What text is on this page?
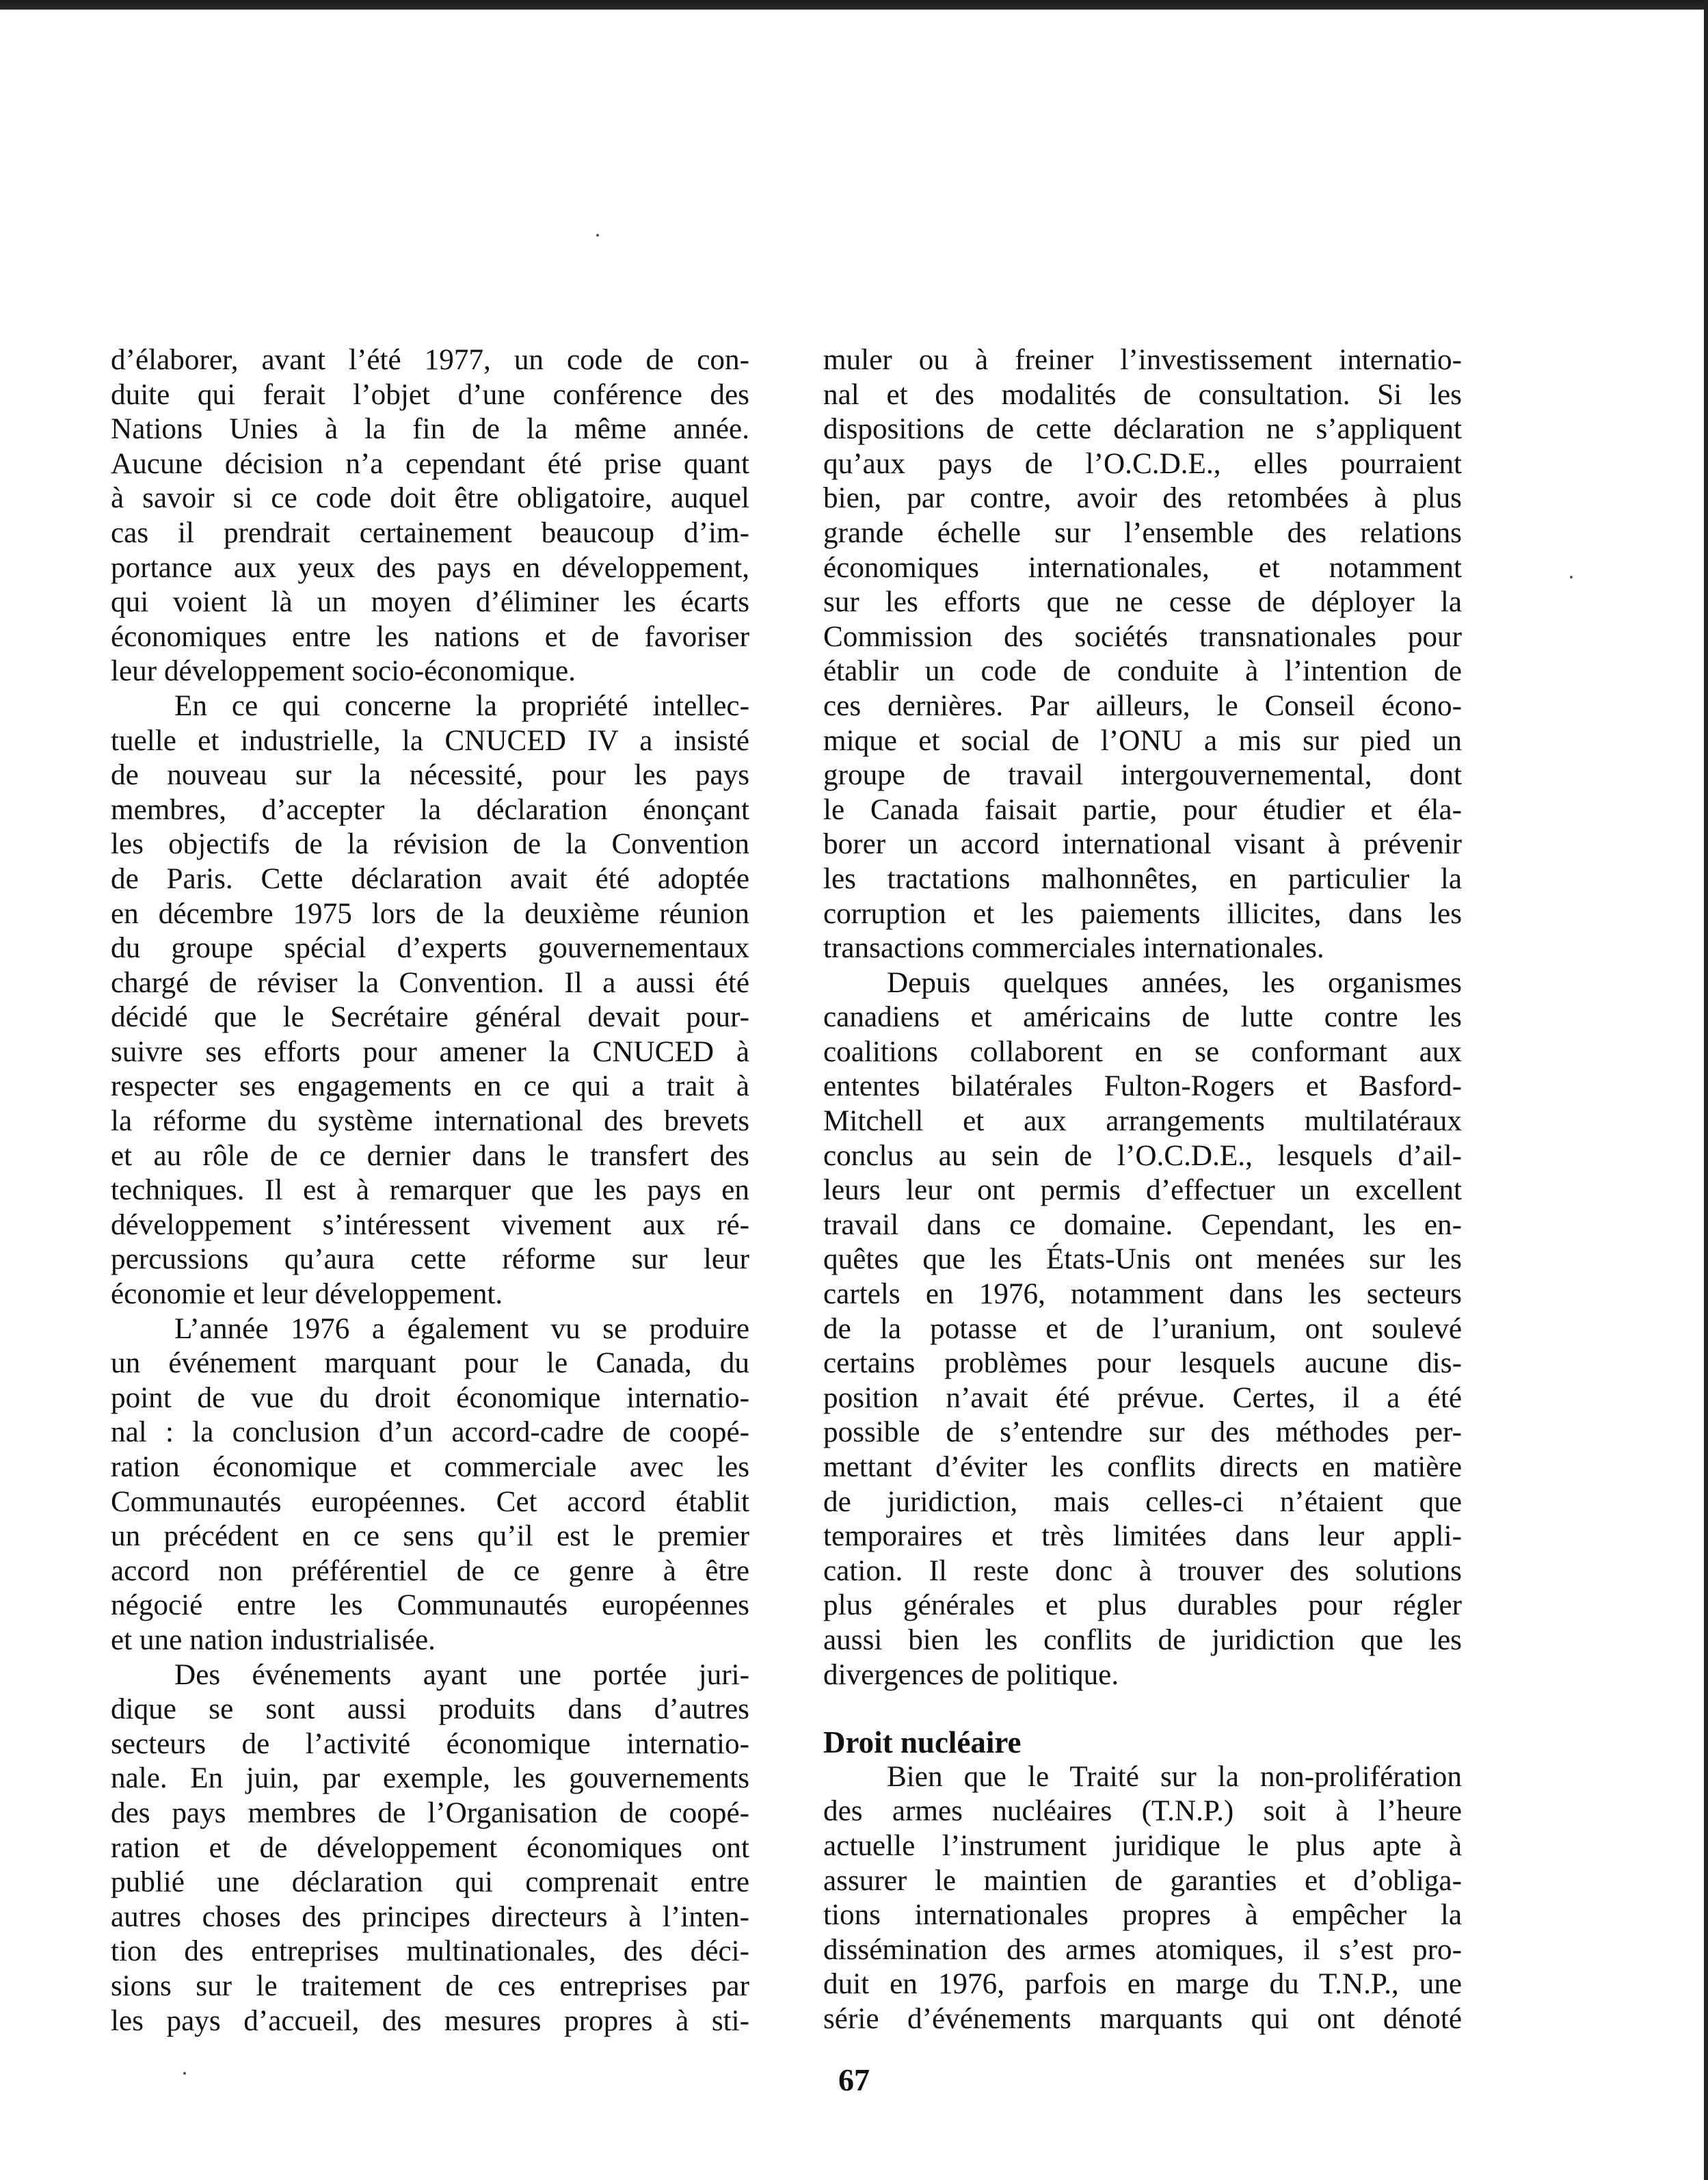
d’élaborer, avant l’été 1977, un code de con-
duite qui ferait l’objet d’une conférence des
Nations Unies à la fin de la même année.
Aucune décision n’a cependant été prise quant
à savoir si ce code doit être obligatoire, auquel
cas il prendrait certainement beaucoup d’im-
portance aux yeux des pays en développement,
qui voient là un moyen d’éliminer les écarts
économiques entre les nations et de favoriser
leur développement socio-économique.
En ce qui concerne la propriété intellec-
tuelle et industrielle, la CNUCED IV a insisté
de nouveau sur la nécessité, pour les pays
membres, d’accepter la déclaration énonçant
les objectifs de la révision de la Convention
de Paris. Cette déclaration avait été adoptée
en décembre 1975 lors de la deuxième réunion
du groupe spécial d’experts gouvernementaux
chargé de réviser la Convention. Il a aussi été
décidé que le Secrétaire général devait pour-
suivre ses efforts pour amener la CNUCED à
respecter ses engagements en ce qui a trait à
la réforme du système international des brevets
et au rôle de ce dernier dans le transfert des
techniques. Il est à remarquer que les pays en
développement s’intéressent vivement aux ré-
percussions qu’aura cette réforme sur leur
économie et leur développement.
L’année 1976 a également vu se produire
un événement marquant pour le Canada, du
point de vue du droit économique internatio-
nal : la conclusion d’un accord-cadre de coopé-
ration économique et commerciale avec les
Communautés européennes. Cet accord établit
un précédent en ce sens qu’il est le premier
accord non préférentiel de ce genre à être
négocié entre les Communautés européennes
et une nation industrialisée.
Des événements ayant une portée juri-
dique se sont aussi produits dans d’autres
secteurs de l’activité économique internatio-
nale. En juin, par exemple, les gouvernements
des pays membres de l’Organisation de coopé-
ration et de développement économiques ont
publié une déclaration qui comprenait entre
autres choses des principes directeurs à l’inten-
tion des entreprises multinationales, des déci-
sions sur le traitement de ces entreprises par
les pays d’accueil, des mesures propres à sti-
muler ou à freiner l’investissement internatio-
nal et des modalités de consultation. Si les
dispositions de cette déclaration ne s’appliquent
qu’aux pays de l’O.C.D.E., elles pourraient
bien, par contre, avoir des retombées à plus
grande échelle sur l’ensemble des relations
économiques internationales, et notamment
sur les efforts que ne cesse de déployer la
Commission des sociétés transnationales pour
établir un code de conduite à l’intention de
ces dernières. Par ailleurs, le Conseil écono-
mique et social de l’ONU a mis sur pied un
groupe de travail intergouvernemental, dont
le Canada faisait partie, pour étudier et éla-
borer un accord international visant à prévenir
les tractations malhonnêtes, en particulier la
corruption et les paiements illicites, dans les
transactions commerciales internationales.
Depuis quelques années, les organismes
canadiens et américains de lutte contre les
coalitions collaborent en se conformant aux
ententes bilatérales Fulton-Rogers et Basford-
Mitchell et aux arrangements multilatéraux
conclus au sein de l’O.C.D.E., lesquels d’ail-
leurs leur ont permis d’effectuer un excellent
travail dans ce domaine. Cependant, les en-
quêtes que les États-Unis ont menées sur les
cartels en 1976, notamment dans les secteurs
de la potasse et de l’uranium, ont soulevé
certains problèmes pour lesquels aucune dis-
position n’avait été prévue. Certes, il a été
possible de s’entendre sur des méthodes per-
mettant d’éviter les conflits directs en matière
de juridiction, mais celles-ci n’étaient que
temporaires et très limitées dans leur appli-
cation. Il reste donc à trouver des solutions
plus générales et plus durables pour régler
aussi bien les conflits de juridiction que les
divergences de politique.
Droit nucléaire
Bien que le Traité sur la non-prolifération
des armes nucléaires (T.N.P.) soit à l’heure
actuelle l’instrument juridique le plus apte à
assurer le maintien de garanties et d’obliga-
tions internationales propres à empêcher la
dissémination des armes atomiques, il s’est pro-
duit en 1976, parfois en marge du T.N.P., une
série d’événements marquants qui ont dénoté
67
